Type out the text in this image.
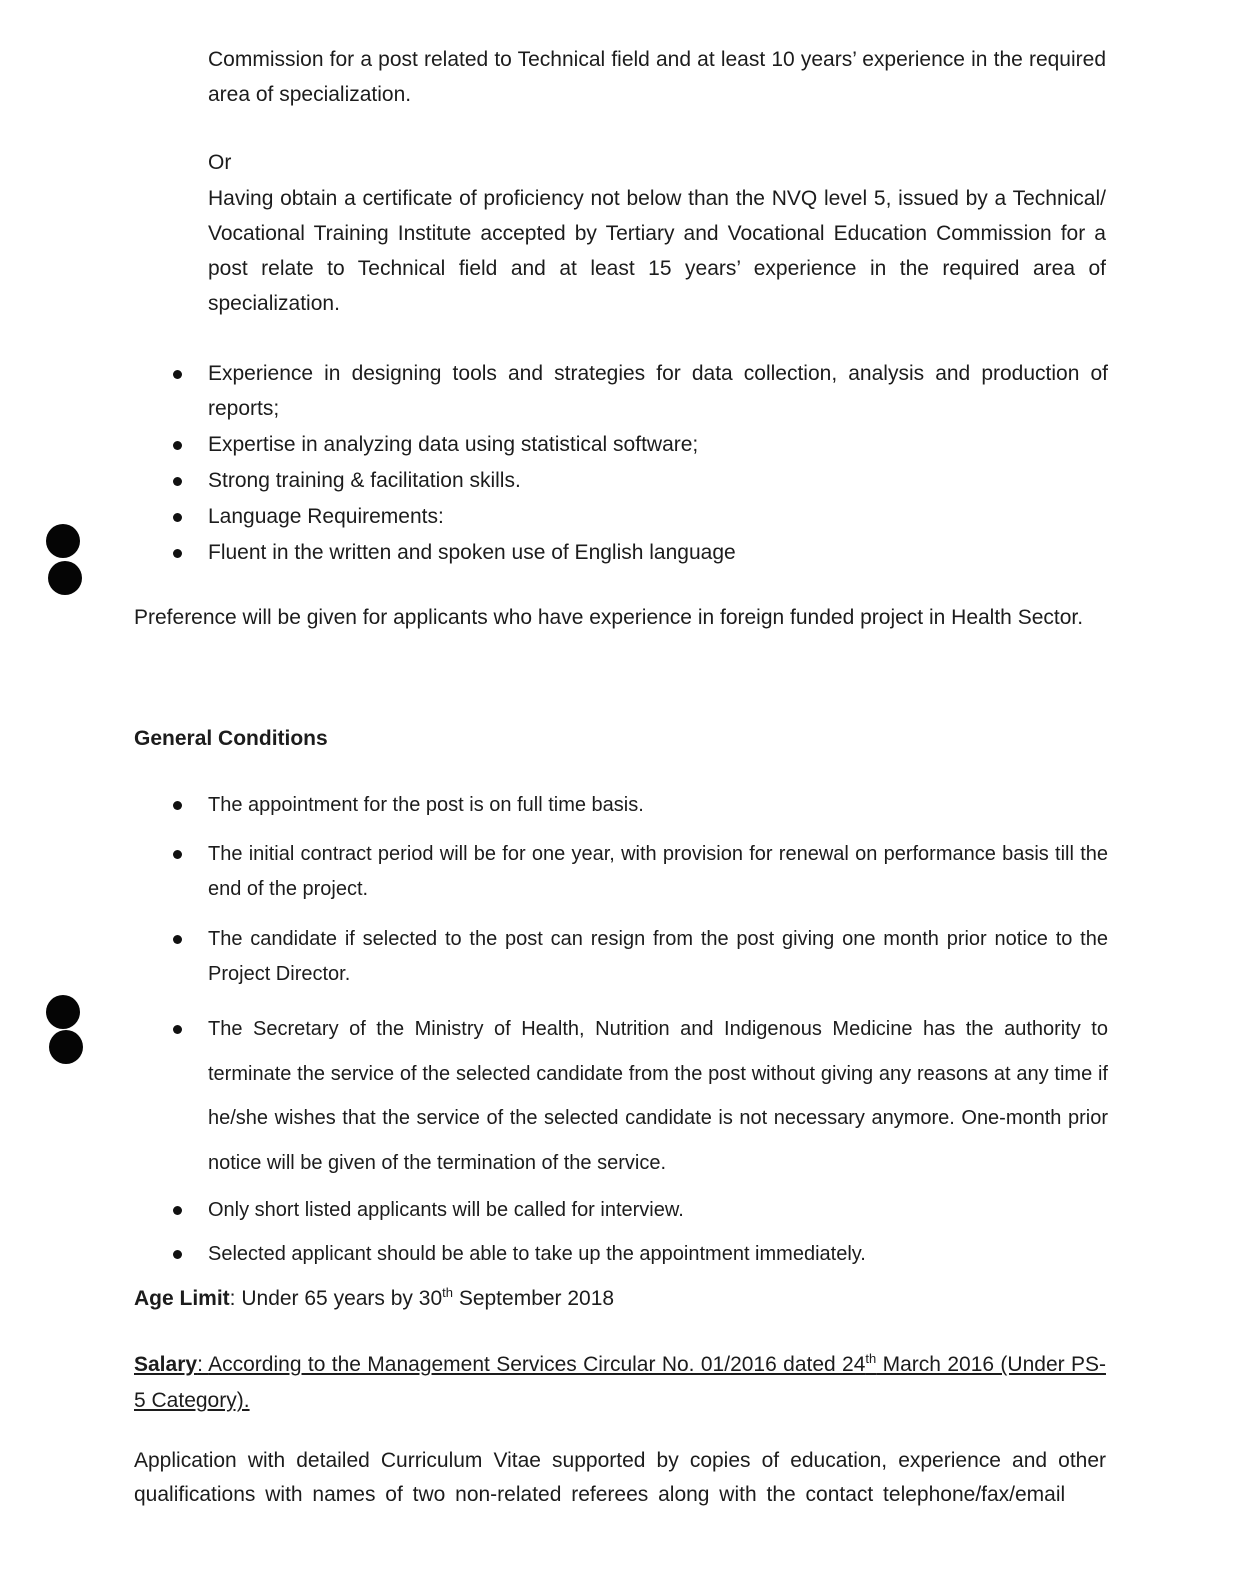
Commission for a post related to Technical field and at least 10 years’ experience in the required area of specialization.
Or
Having obtain a certificate of proficiency not below than the NVQ level 5, issued by a Technical/ Vocational Training Institute accepted by Tertiary and Vocational Education Commission for a post relate to Technical field and at least 15 years’ experience in the required area of specialization.
Experience in designing tools and strategies for data collection, analysis and production of reports;
Expertise in analyzing data using statistical software;
Strong training & facilitation skills.
Language Requirements:
Fluent in the written and spoken use of English language
Preference will be given for applicants who have experience in foreign funded project in Health Sector.
General Conditions
The appointment for the post is on full time basis.
The initial contract period will be for one year, with provision for renewal on performance basis till the end of the project.
The candidate if selected to the post can resign from the post giving one month prior notice to the Project Director.
The Secretary of the Ministry of Health, Nutrition and Indigenous Medicine has the authority to terminate the service of the selected candidate from the post without giving any reasons at any time if he/she wishes that the service of the selected candidate is not necessary anymore. One-month prior notice will be given of the termination of the service.
Only short listed applicants will be called for interview.
Selected applicant should be able to take up the appointment immediately.
Age Limit: Under 65 years by 30th September 2018
Salary: According to the Management Services Circular No. 01/2016 dated 24th March 2016 (Under PS-5 Category).
Application with detailed Curriculum Vitae supported by copies of education, experience and other qualifications with names of two non-related referees along with the contact telephone/fax/email
